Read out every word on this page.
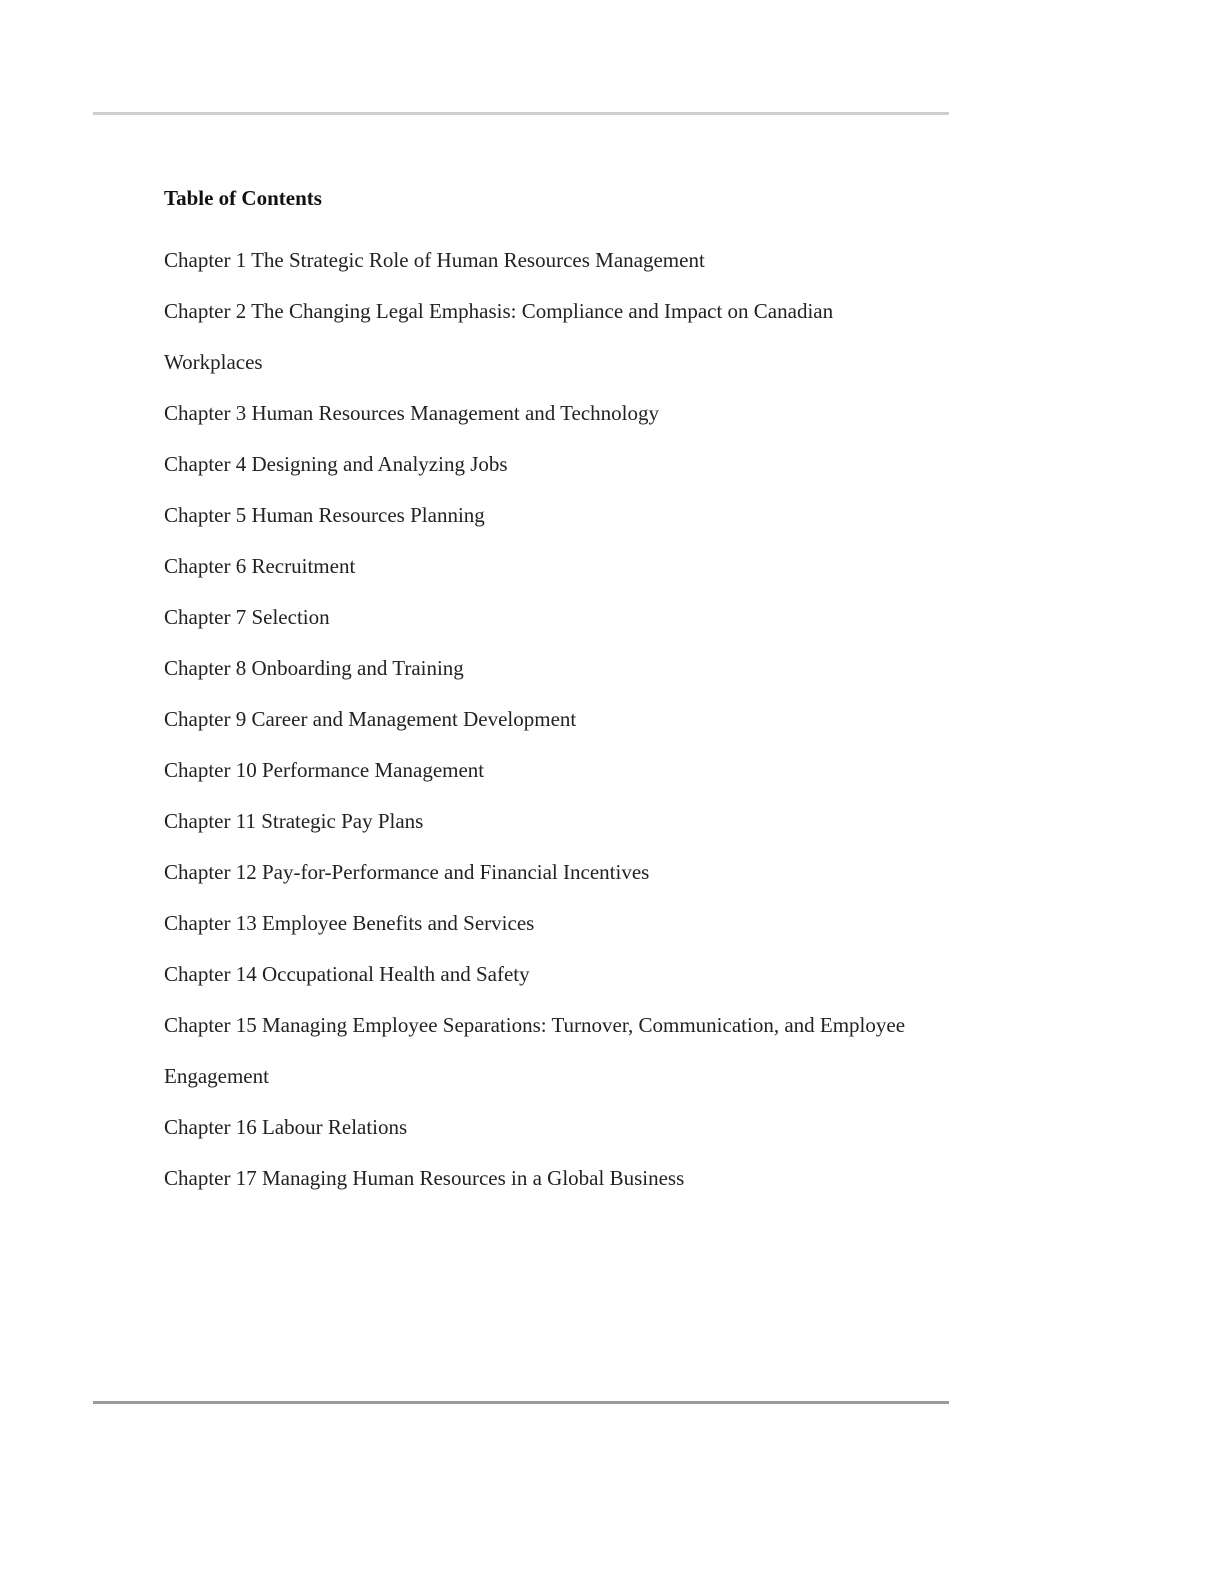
Table of Contents
Chapter 1 The Strategic Role of Human Resources Management
Chapter 2 The Changing Legal Emphasis: Compliance and Impact on Canadian Workplaces
Chapter 3 Human Resources Management and Technology
Chapter 4 Designing and Analyzing Jobs
Chapter 5 Human Resources Planning
Chapter 6 Recruitment
Chapter 7 Selection
Chapter 8 Onboarding and Training
Chapter 9 Career and Management Development
Chapter 10 Performance Management
Chapter 11 Strategic Pay Plans
Chapter 12 Pay-for-Performance and Financial Incentives
Chapter 13 Employee Benefits and Services
Chapter 14 Occupational Health and Safety
Chapter 15 Managing Employee Separations: Turnover, Communication, and Employee Engagement
Chapter 16 Labour Relations
Chapter 17 Managing Human Resources in a Global Business
